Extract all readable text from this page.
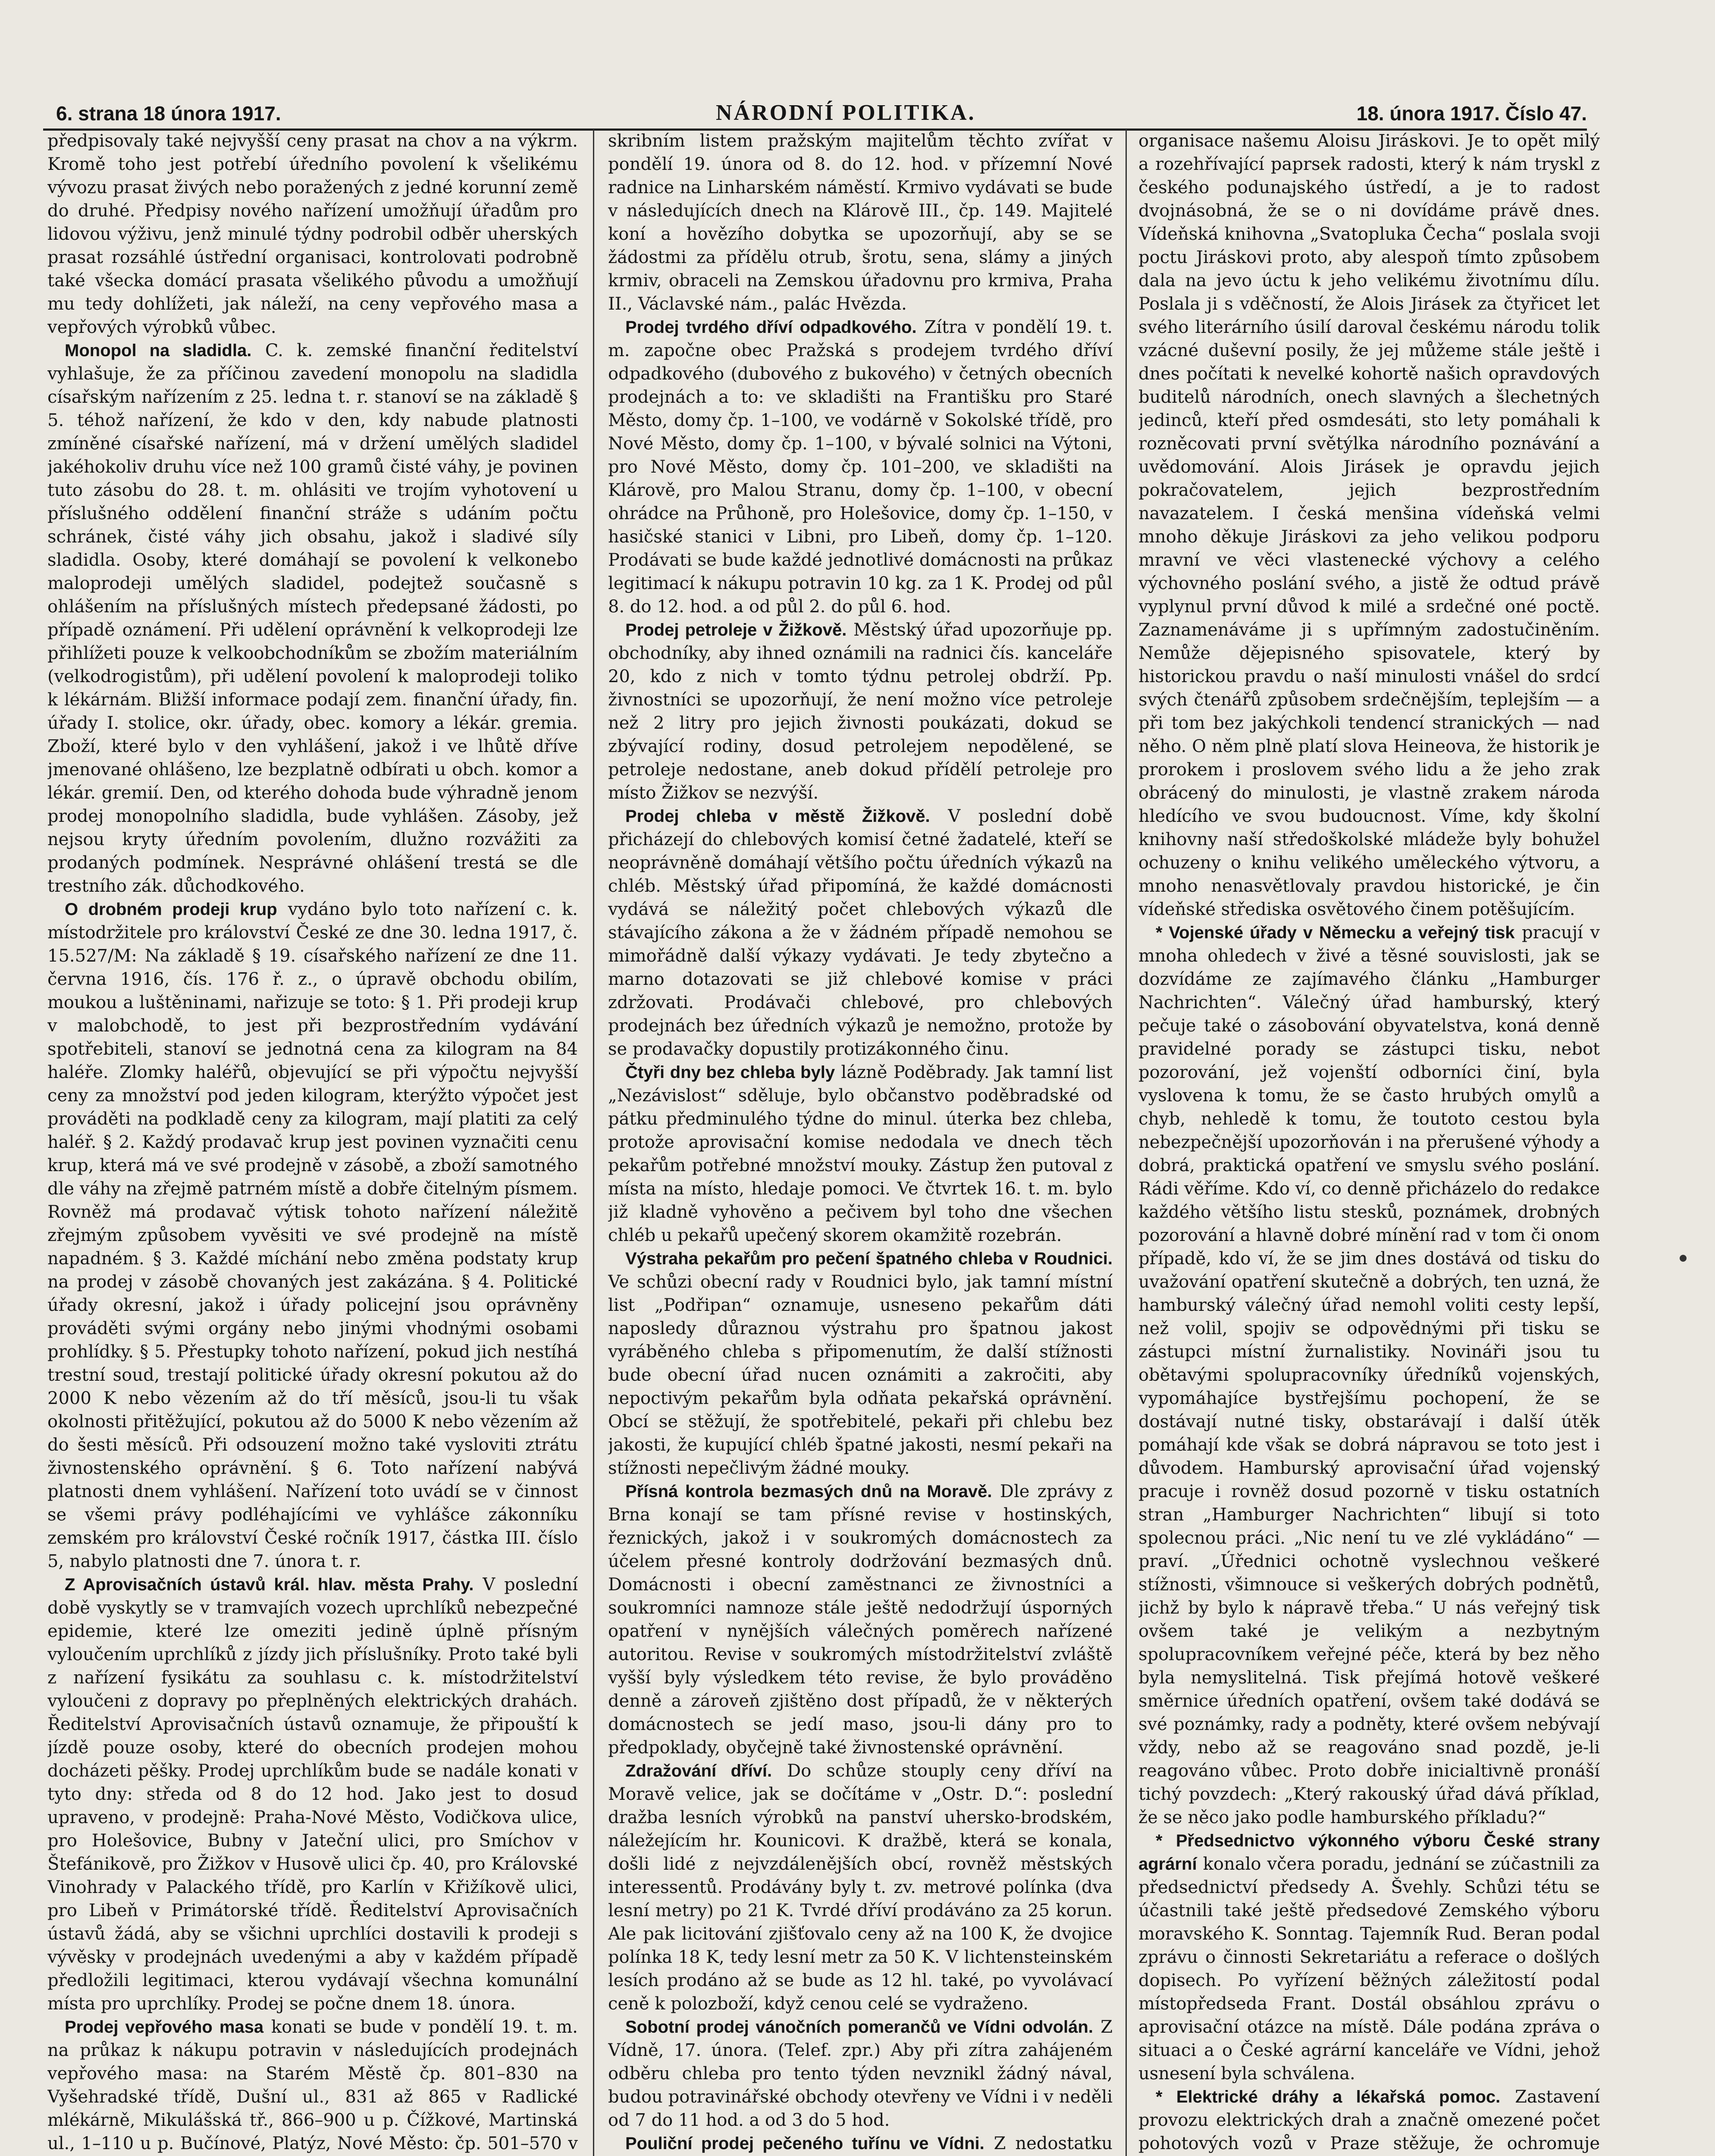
6. strana 18 února 1917.	NÁRODNÍ POLITIKA.	18. února 1917. Číslo 47.

předpisovaly také nejvyšší ceny prasat na chov a na výkrm. Kromě toho jest potřebí úředního povolení k všelikému vývozu prasat živých nebo poražených z jedné korunní země do druhé. Předpisy nového nařízení umožňují úřadům pro lidovou výživu, jenž minulé týdny podrobil odběr uherských prasat rozsáhlé ústřední organisaci, kontrolovati podrobně také všecka domácí prasata všelikého původu a umožňují mu tedy dohlížeti, jak náleží, na ceny vepřového masa a vepřových výrobků vůbec.

Monopol na sladidla. C. k. zemské finanční ředitelství vyhlašuje, že za příčinou zavedení monopolu na sladidla císařským nařízením z 25. ledna t. r. stanoví se na základě § 5. téhož nařízení, že kdo v den, kdy nabude platnosti zmíněné císařské nařízení, má v držení umělých sladidel jakéhokoliv druhu více než 100 gramů čisté váhy, je povinen tuto zásobu do 28. t. m. ohlásiti ve trojím vyhotovení u příslušného oddělení finanční stráže s udáním počtu schránek, čisté váhy jich obsahu, jakož i sladivé síly sladidla. Osoby, které domáhají se povolení k velkonebo maloprodeji umělých sladidel, podejtež současně s ohlášením na příslušných místech předepsané žádosti, po případě oznámení. Při udělení oprávnění k velkoprodeji lze přihlížeti pouze k velkoobchodníkům se zbožím materiálním (velkodrogistům), při udělení povolení k maloprodeji toliko k lékárnám. Bližší informace podají zem. finanční úřady, fin. úřady I. stolice, okr. úřady, obec. komory a lékár. gremia. Zboží, které bylo v den vyhlášení, jakož i ve lhůtě dříve jmenované ohlášeno, lze bezplatně odbírati u obch. komor a lékár. gremií. Den, od kterého dohoda bude výhradně jenom prodej monopolního sladidla, bude vyhlášen. Zásoby, jež nejsou kryty úředním povolením, dlužno rozvážiti za prodaných podmínek. Nesprávné ohlášení trestá se dle trestního zák. důchodkového.

O drobném prodeji krup vydáno bylo toto nařízení c. k. místodržitele pro království České ze dne 30. ledna 1917, č. 15.527/M: Na základě § 19. císařského nařízení ze dne 11. června 1916, čís. 176 ř. z., o úpravě obchodu obilím, moukou a luštěninami, nařizuje se toto: § 1. Při prodeji krup v malobchodě, to jest při bezprostředním vydávání spotřebiteli, stanoví se jednotná cena za kilogram na 84 haléře. Zlomky haléřů, objevující se při výpočtu nejvyšší ceny za množství pod jeden kilogram, kterýžto výpočet jest prováděti na podkladě ceny za kilogram, mají platiti za celý haléř. § 2. Každý prodavač krup jest povinen vyznačiti cenu krup, která má ve své prodejně v zásobě, a zboží samotného dle váhy na zřejmě patrném místě a dobře čitelným písmem. Rovněž má prodavač výtisk tohoto nařízení náležitě zřejmým způsobem vyvěsiti ve své prodejně na místě napadném. § 3. Každé míchání nebo změna podstaty krup na prodej v zásobě chovaných jest zakázána. § 4. Politické úřady okresní, jakož i úřady policejní jsou oprávněny prováděti svými orgány nebo jinými vhodnými osobami prohlídky. § 5. Přestupky tohoto nařízení, pokud jich nestíhá trestní soud, trestají politické úřady okresní pokutou až do 2000 K nebo vězením až do tří měsíců, jsou-li tu však okolnosti přitěžující, pokutou až do 5000 K nebo vězením až do šesti měsíců. Při odsouzení možno také vysloviti ztrátu živnostenského oprávnění. § 6. Toto nařízení nabývá platnosti dnem vyhlášení. Nařízení toto uvádí se v činnost se všemi právy podléhajícími ve vyhlášce zákonníku zemském pro království České ročník 1917, částka III. číslo 5, nabylo platnosti dne 7. února t. r.

Z Aprovisačních ústavů král. hlav. města Prahy. V poslední době vyskytly se v tramvajích vozech uprchlíků nebezpečné epidemie, které lze omeziti jedině úplně přísným vyloučením uprchlíků z jízdy jich příslušníky. Proto také byli z nařízení fysikátu za souhlasu c. k. místodržitelství vyloučeni z dopravy po přeplněných elektrických drahách. Ředitelství Aprovisačních ústavů oznamuje, že připouští k jízdě pouze osoby, které do obecních prodejen mohou docházeti pěšky. Prodej uprchlíkům bude se nadále konati v tyto dny: středa od 8 do 12 hod. Jako jest to dosud upraveno, v prodejně: Praha-Nové Město, Vodičkova ulice, pro Holešovice, Bubny v Jateční ulici, pro Smíchov v Štefánikově, pro Žižkov v Husově ulici čp. 40, pro Královské Vinohrady v Palackého třídě, pro Karlín v Křižíkově ulici, pro Libeň v Primátorské třídě. Ředitelství Aprovisačních ústavů žádá, aby se všichni uprchlíci dostavili k prodeji s vývěsky v prodejnách uvedenými a aby v každém případě předložili legitimaci, kterou vydávají všechna komunální místa pro uprchlíky. Prodej se počne dnem 18. února.

Prodej vepřového masa konati se bude v pondělí 19. t. m. na průkaz k nákupu potravin v následujících prodejnách vepřového masa: na Starém Městě čp. 801–830 na Vyšehradské třídě, Dušní ul., 831 až 865 v Radlické mlékárně, Mikulášská tř., 866–900 u p. Čížkové, Martinská ul., 1–110 u p. Bučínové, Platýz, Nové Město: čp. 501–570 v

skribním listem pražským majitelům těchto zvířat v pondělí 19. února od 8. do 12. hod. v přízemní Nové radnice na Linharském náměstí. Krmivo vydávati se bude v následujících dnech na Klárově III., čp. 149. Majitelé koní a hovězího dobytka se upozorňují, aby se se žádostmi za přídělu otrub, šrotu, sena, slámy a jiných krmiv, obraceli na Zemskou úřadovnu pro krmiva, Praha II., Václavské nám., palác Hvězda.

Prodej tvrdého dříví odpadkového. Zítra v pondělí 19. t. m. započne obec Pražská s prodejem tvrdého dříví odpadkového (dubového z bukového) v četných obecních prodejnách a to: ve skladišti na Františku pro Staré Město, domy čp. 1–100, ve vodárně v Sokolské třídě, pro Nové Město, domy čp. 1–100, v bývalé solnici na Výtoni, pro Nové Město, domy čp. 101–200, ve skladišti na Klárově, pro Malou Stranu, domy čp. 1–100, v obecní ohrádce na Průhoně, pro Holešovice, domy čp. 1–150, v hasičské stanici v Libni, pro Libeň, domy čp. 1–120. Prodávati se bude každé jednotlivé domácnosti na průkaz legitimací k nákupu potravin 10 kg. za 1 K. Prodej od půl 8. do 12. hod. a od půl 2. do půl 6. hod.

Prodej petroleje v Žižkově. Městský úřad upozorňuje pp. obchodníky, aby ihned oznámili na radnici čís. kanceláře 20, kdo z nich v tomto týdnu petrolej obdrží. Pp. živnostníci se upozorňují, že není možno více petroleje než 2 litry pro jejich živnosti poukázati, dokud se zbývající rodiny, dosud petrolejem nepodělené, se petroleje nedostane, aneb dokud přídělí petroleje pro místo Žižkov se nezvýší.

Prodej chleba v městě Žižkově. V poslední době přicházejí do chlebových komisí četné žadatelé, kteří se neoprávněně domáhají většího počtu úředních výkazů na chléb. Městský úřad připomíná, že každé domácnosti vydává se náležitý počet chlebových výkazů dle stávajícího zákona a že v žádném případě nemohou se mimořádně další výkazy vydávati. Je tedy zbytečno a marno dotazovati se již chlebové komise v práci zdržovati. Prodávači chlebové, pro chlebových prodejnách bez úředních výkazů je nemožno, protože by se prodavačky dopustily protizákonného činu.

Čtyři dny bez chleba byly lázně Poděbrady. Jak tamní list „Nezávislost“ sděluje, bylo občanstvo poděbradské od pátku předminulého týdne do minul. úterka bez chleba, protože aprovisační komise nedodala ve dnech těch pekařům potřebné množství mouky. Zástup žen putoval z místa na místo, hledaje pomoci. Ve čtvrtek 16. t. m. bylo již kladně vyhověno a pečivem byl toho dne všechen chléb u pekařů upečený skorem okamžitě rozebrán.

Výstraha pekařům pro pečení špatného chleba v Roudnici. Ve schůzi obecní rady v Roudnici bylo, jak tamní místní list „Podřipan“ oznamuje, usneseno pekařům dáti naposledy důraznou výstrahu pro špatnou jakost vyráběného chleba s připomenutím, že další stížnosti bude obecní úřad nucen oznámiti a zakročiti, aby nepoctivým pekařům byla odňata pekařská oprávnění. Obcí se stěžují, že spotřebitelé, pekaři při chlebu bez jakosti, že kupující chléb špatné jakosti, nesmí pekaři na stížnosti nepečlivým žádné mouky.

Přísná kontrola bezmasých dnů na Moravě. Dle zprávy z Brna konají se tam přísné revise v hostinských, řeznických, jakož i v soukromých domácnostech za účelem přesné kontroly dodržování bezmasých dnů. Domácnosti i obecní zaměstnanci ze živnostníci a soukromníci namnoze stále ještě nedodržují úsporných opatření v nynějších válečných poměrech nařízené autoritou. Revise v soukromých místodržitelství zvláště vyšší byly výsledkem této revise, že bylo prováděno denně a zároveň zjištěno dost případů, že v některých domácnostech se jedí maso, jsou-li dány pro to předpoklady, obyčejně také živnostenské oprávnění.

Zdražování dříví. Do schůze stouply ceny dříví na Moravě velice, jak se dočítáme v „Ostr. D.“: poslední dražba lesních výrobků na panství uhersko-brodském, náležejícím hr. Kounicovi. K dražbě, která se konala, došli lidé z nejvzdálenějších obcí, rovněž městských interessentů. Prodávány byly t. zv. metrové polínka (dva lesní metry) po 21 K. Tvrdé dříví prodáváno za 25 korun. Ale pak licitování zjišťovalo ceny až na 100 K, že dvojice polínka 18 K, tedy lesní metr za 50 K. V lichtensteinském lesích prodáno až se bude as 12 hl. také, po vyvolávací ceně k polozboží, když cenou celé se vydraženo.

Sobotní prodej vánočních pomerančů ve Vídni odvolán. Z Vídně, 17. února. (Telef. zpr.) Aby při zítra zahájeném odběru chleba pro tento týden nevznikl žádný nával, budou potravinářské obchody otevřeny ve Vídni i v neděli od 7 do 11 hod. a od 3 do 5 hod.

Pouliční prodej pečeného tuřínu ve Vídni. Z nedostatku

organisace našemu Aloisu Jiráskovi. Je to opět milý a rozehřívající paprsek radosti, který k nám tryskl z českého podunajského ústředí, a je to radost dvojnásobná, že se o ni dovídáme právě dnes. Vídeňská knihovna „Svatopluka Čecha“ poslala svoji poctu Jiráskovi proto, aby alespoň tímto způsobem dala na jevo úctu k jeho velikému životnímu dílu. Poslala ji s vděčností, že Alois Jirásek za čtyřicet let svého literárního úsilí daroval českému národu tolik vzácné duševní posily, že jej můžeme stále ještě i dnes počítati k nevelké kohortě našich opravdových buditelů národních, onech slavných a šlechetných jedinců, kteří před osmdesáti, sto lety pomáhali k rozněcovati první světýlka národního poznávání a uvědomování. Alois Jirásek je opravdu jejich pokračovatelem, jejich bezprostředním navazatelem. I česká menšina vídeňská velmi mnoho děkuje Jiráskovi za jeho velikou podporu mravní ve věci vlastenecké výchovy a celého výchovného poslání svého, a jistě že odtud právě vyplynul první důvod k milé a srdečné oné poctě. Zaznamenáváme ji s upřímným zadostučiněním. Nemůže dějepisného spisovatele, který by historickou pravdu o naší minulosti vnášel do srdcí svých čtenářů způsobem srdečnějším, teplejším — a při tom bez jakýchkoli tendencí stranických — nad něho. O něm plně platí slova Heineova, že historik je prorokem i proslovem svého lidu a že jeho zrak obrácený do minulosti, je vlastně zrakem národa hledícího ve svou budoucnost. Víme, kdy školní knihovny naší středoškolské mládeže byly bohužel ochuzeny o knihu velikého uměleckého výtvoru, a mnoho nenasvětlovaly pravdou historické, je čin vídeňské střediska osvětového činem potěšujícím.

* Vojenské úřady v Německu a veřejný tisk pracují v mnoha ohledech v živé a těsné souvislosti, jak se dozvídáme ze zajímavého článku „Hamburger Nachrichten“. Válečný úřad hamburský, který pečuje také o zásobování obyvatelstva, koná denně pravidelné porady se zástupci tisku, nebot pozorování, jež vojenští odborníci činí, byla vyslovena k tomu, že se často hrubých omylů a chyb, nehledě k tomu, že toutoto cestou byla nebezpečnější upozorňován i na přerušené výhody a dobrá, praktická opatření ve smyslu svého poslání. Rádi věříme. Kdo ví, co denně přicházelo do redakce každého většího listu stesků, poznámek, drobných pozorování a hlavně dobré mínění rad v tom či onom případě, kdo ví, že se jim dnes dostává od tisku do uvažování opatření skutečně a dobrých, ten uzná, že hamburský válečný úřad nemohl voliti cesty lepší, než volil, spojiv se odpovědnými při tisku se zástupci místní žurnalistiky. Novináři jsou tu obětavými spolupracovníky úředníků vojenských, vypomáhajíce bystřejšímu pochopení, že se dostávají nutné tisky, obstarávají i další útěk pomáhají kde však se dobrá nápravou se toto jest i důvodem. Hamburský aprovisační úřad vojenský pracuje i rovněž dosud pozorně v tisku ostatních stran „Hamburger Nachrichten“ libují si toto spolecnou práci. „Nic není tu ve zlé vykládáno“ — praví. „Úřednici ochotně vyslechnou veškeré stížnosti, všimnouce si veškerých dobrých podnětů, jichž by bylo k nápravě třeba.“ U nás veřejný tisk ovšem také je velikým a nezbytným spolupracovníkem veřejné péče, která by bez něho byla nemyslitelná. Tisk přejímá hotově veškeré směrnice úředních opatření, ovšem také dodává se své poznámky, rady a podněty, které ovšem nebývají vždy, nebo až se reagováno snad pozdě, je-li reagováno vůbec. Proto dobře inicialtivně pronáší tichý povzdech: „Který rakouský úřad dává příklad, že se něco jako podle hamburského příkladu?“

* Předsednictvo výkonného výboru České strany agrární konalo včera poradu, jednání se zúčastnili za předsednictví předsedy A. Švehly. Schůzi tétu se účastnili také ještě předsedové Zemského výboru moravského K. Sonntag. Tajemník Rud. Beran podal zprávu o činnosti Sekretariátu a referace o došlých dopisech. Po vyřízení běžných záležitostí podal místopředseda Frant. Dostál obsáhlou zprávu o aprovisační otázce na místě. Dále podána zpráva o situaci a o České agrární kanceláře ve Vídni, jehož usnesení byla schválena.

* Elektrické dráhy a lékařská pomoc. Zastavení provozu elektrických drah a značně omezené počet pohotových vozů v Praze stěžuje, že ochromuje
